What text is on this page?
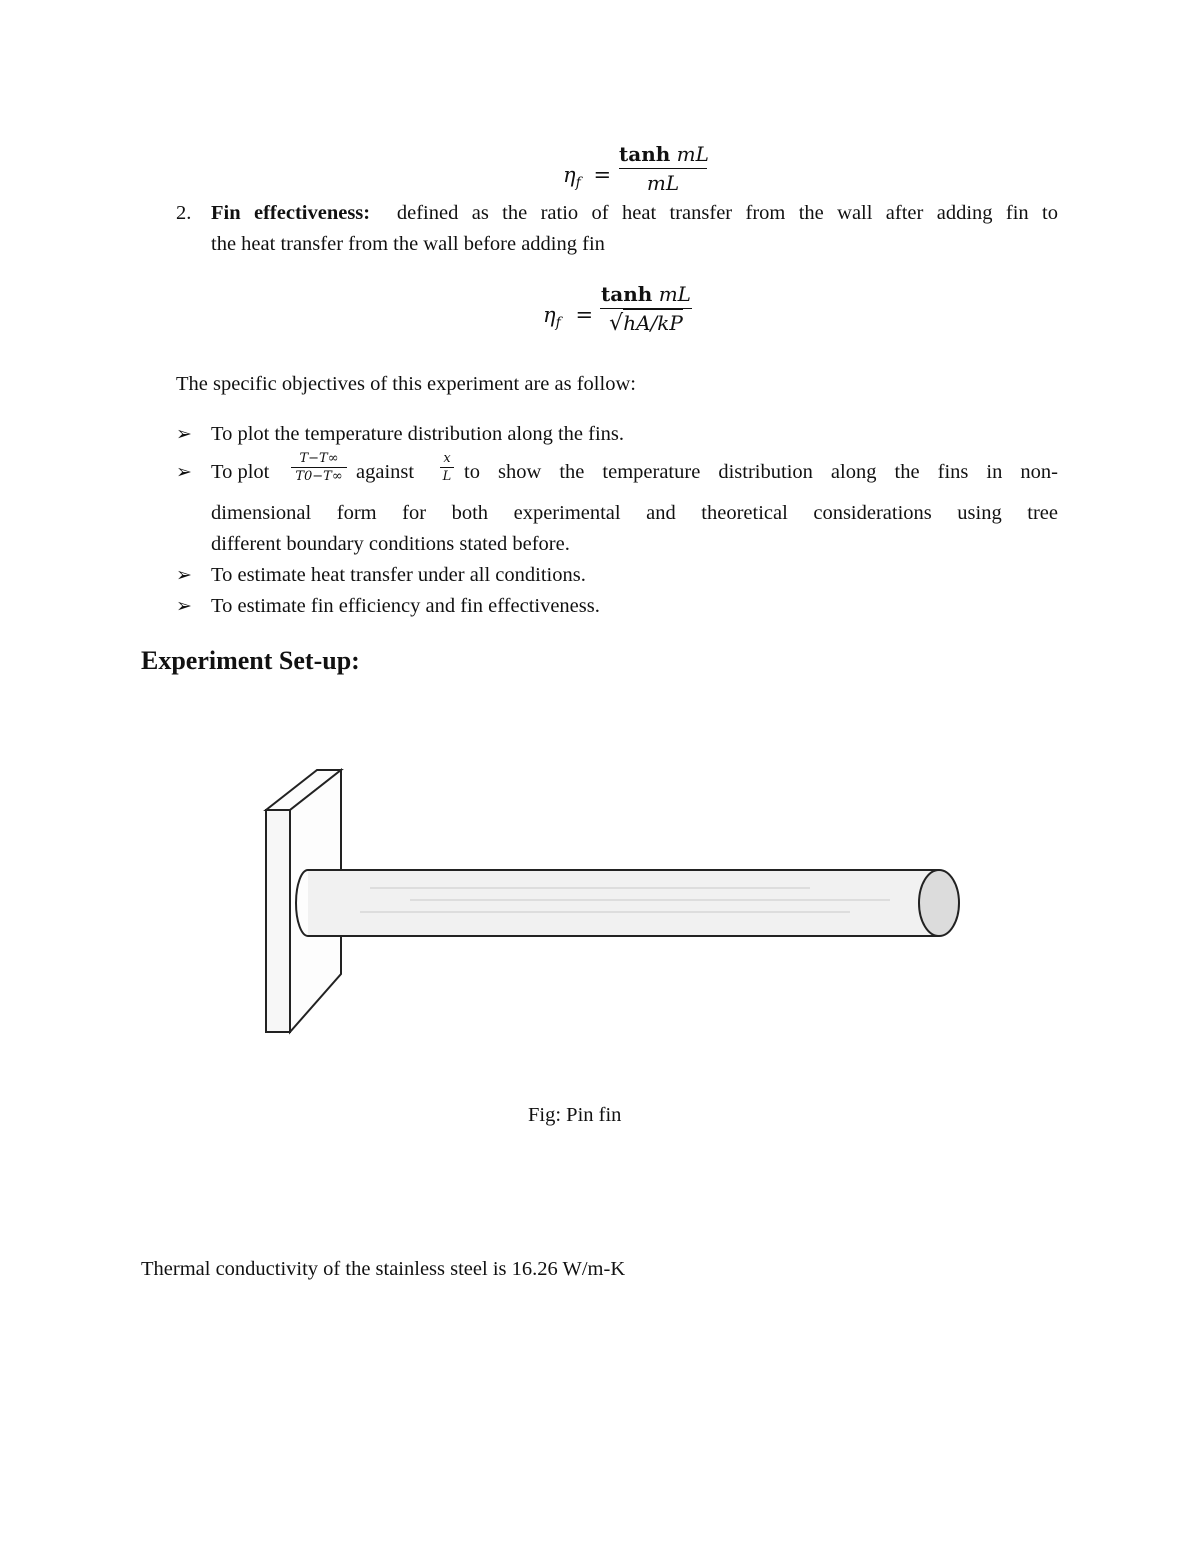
$\eta_f$ =
tanh mL
mL
2. Fin effectiveness: defined as the ratio of heat transfer from the wall after adding fin to
the heat transfer from the wall before adding fin
$\eta_f$ =
tanh mL
√hA/kP
The specific objectives of this experiment are as follow:
➢ To plot the temperature distribution along the fins.
➢ To plot
T−T∞
T0−T∞ against
x
L to show the temperature distribution along the fins in non-
dimensional form for both experimental and theoretical considerations using tree
different boundary conditions stated before.
➢ To estimate heat transfer under all conditions.
➢ To estimate fin efficiency and fin effectiveness.
Experiment Set-up:
Fig: Pin fin
Thermal conductivity of the stainless steel is 16.26 W/m-K
